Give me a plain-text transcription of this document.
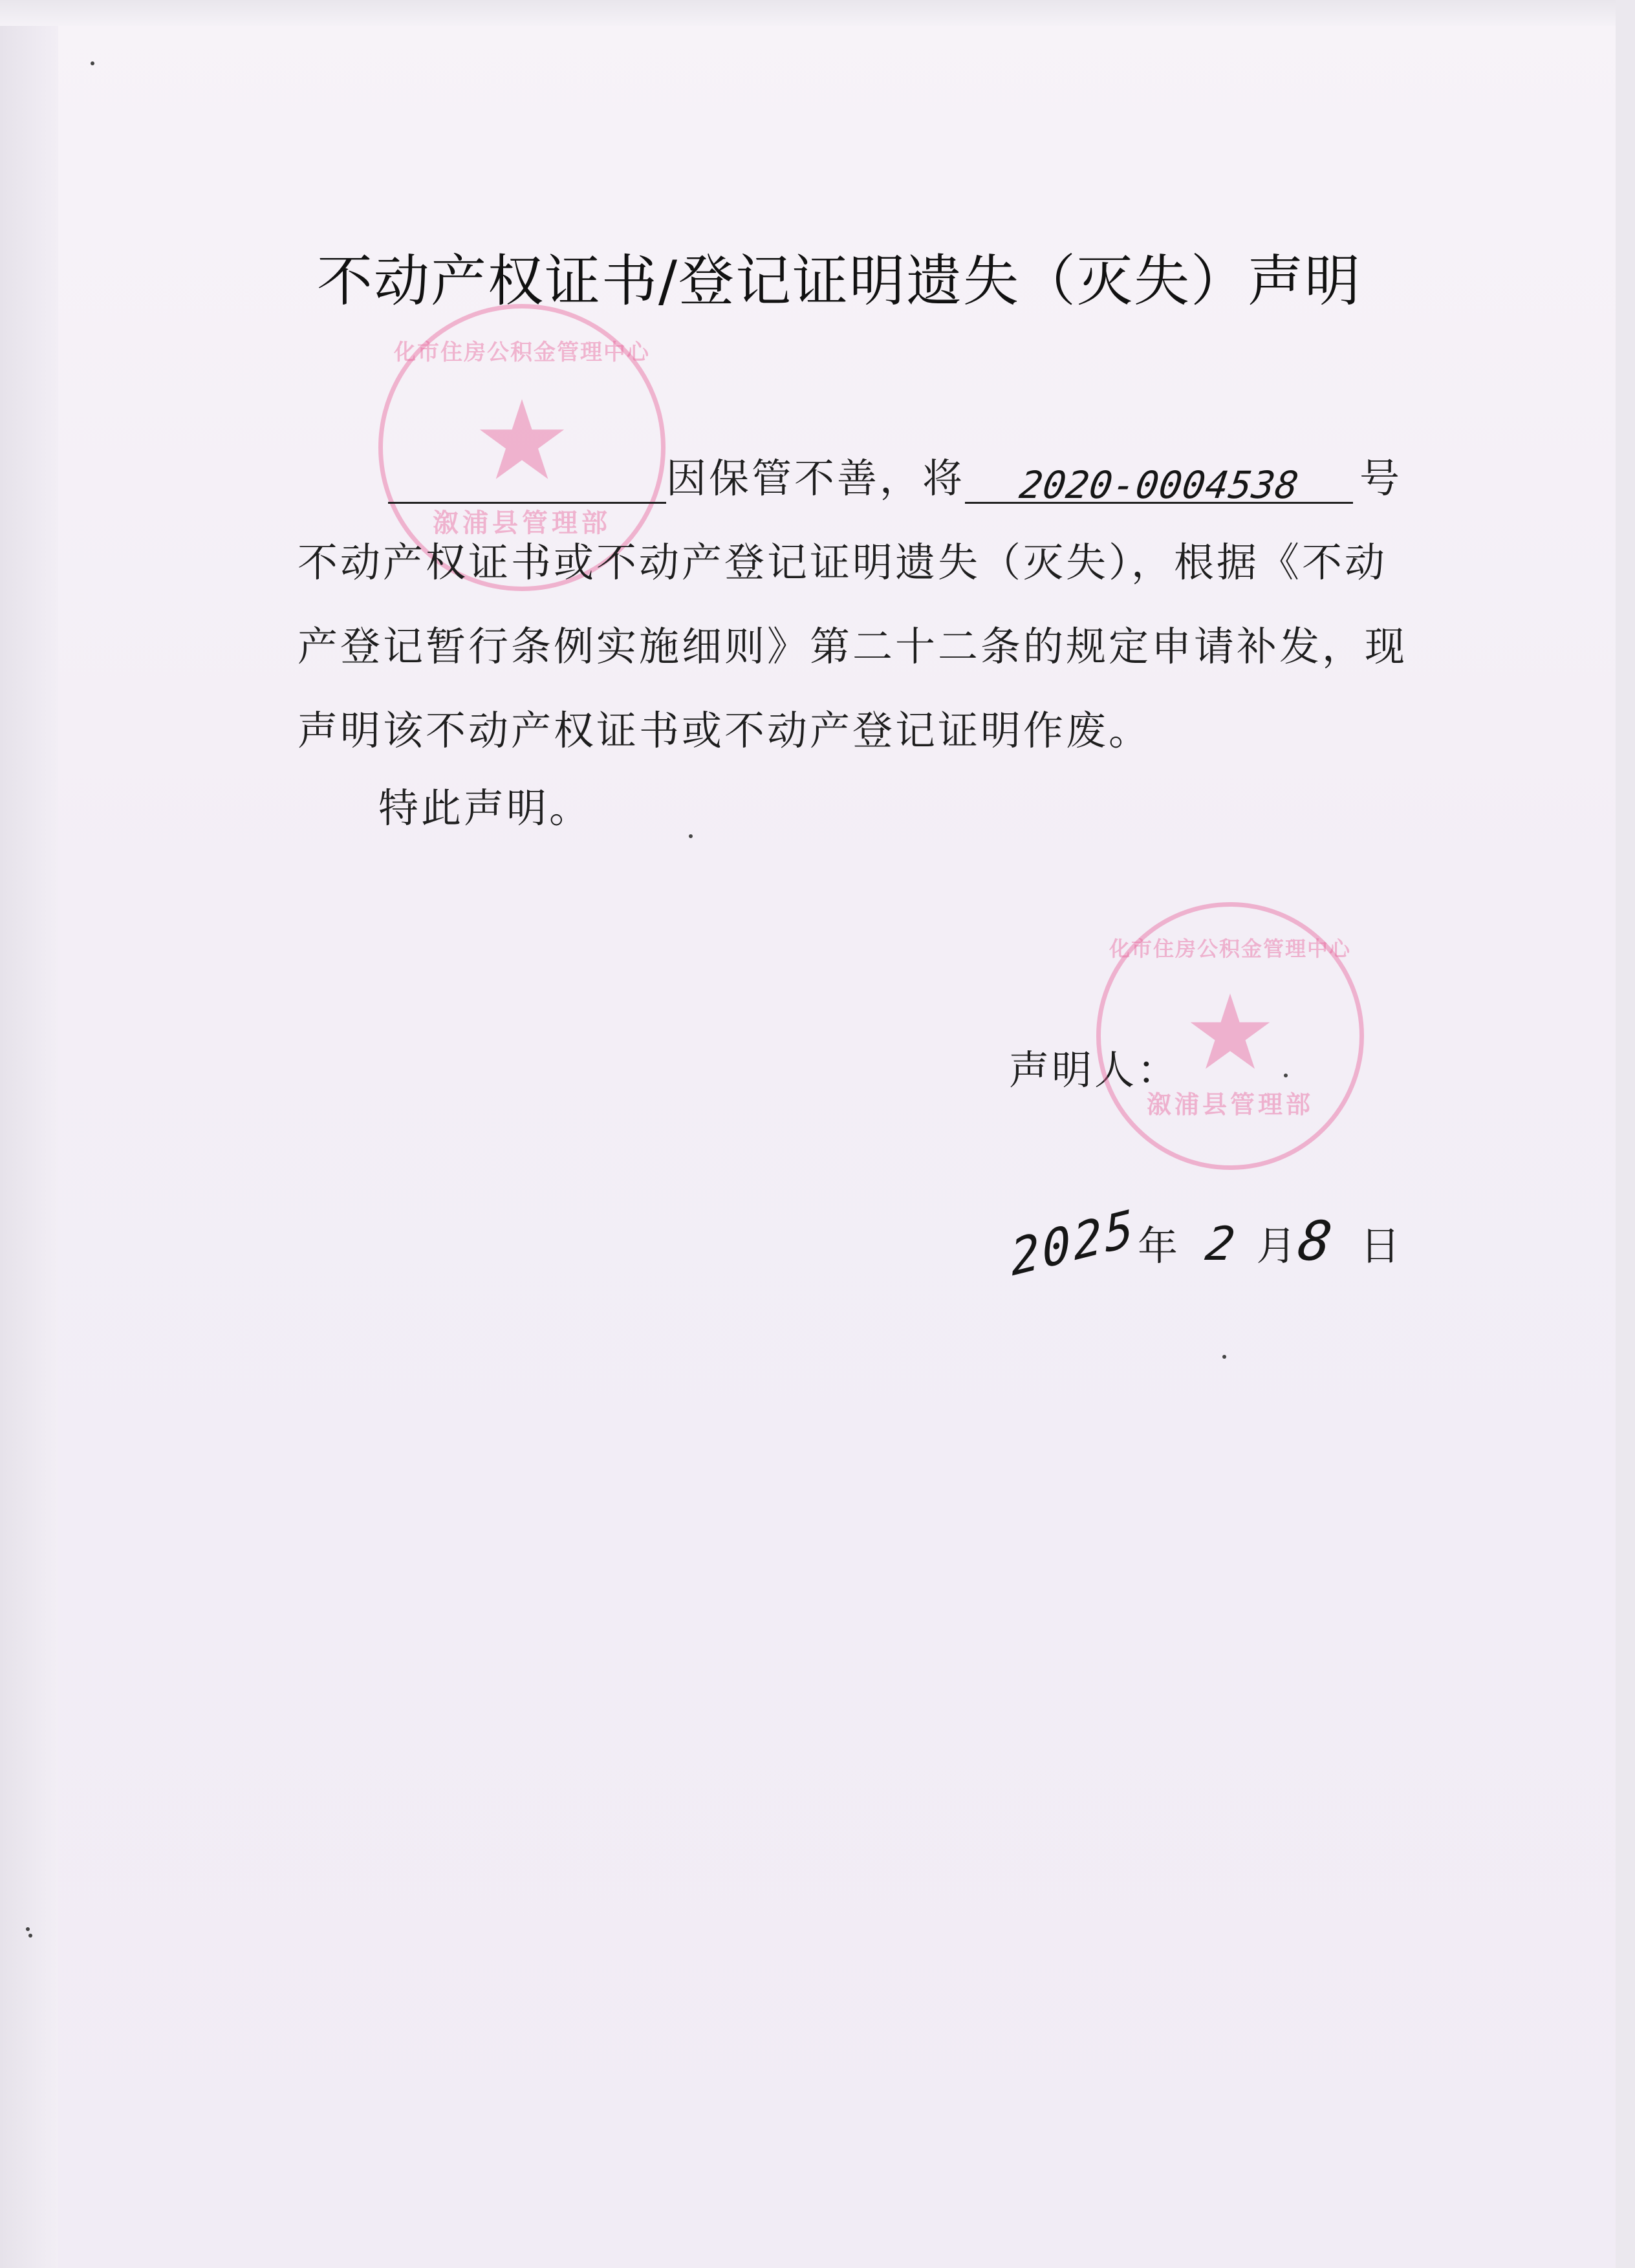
不动产权证书/登记证明遗失（灭失）声明
化市住房公积金管理中心
★
溆浦县管理部
因保管不善，将 2020-0004538 号
不动产权证书或不动产登记证明遗失（灭失），根据《不动
产登记暂行条例实施细则》第二十二条的规定申请补发，现
声明该不动产权证书或不动产登记证明作废。
特此声明。
声明人：
化市住房公积金管理中心
★
溆浦县管理部
2025年 2 月8 日
